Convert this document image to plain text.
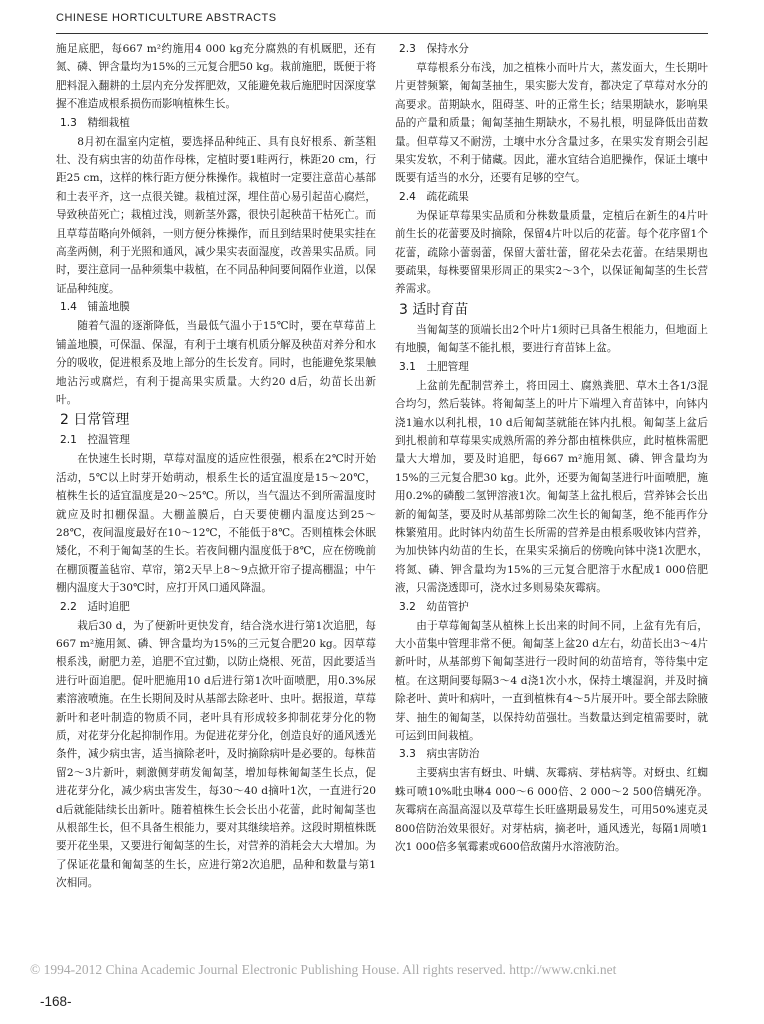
CHINESE HORTICULTURE ABSTRACTS

施足底肥，每667 m²约施用4 000 kg充分腐熟的有机厩肥，还有氮、磷、钾含量均为15%的三元复合肥50 kg。栽前施肥，既便于将肥料混入翻耕的土层内充分发挥肥效，又能避免栽后施肥时因深度掌握不准造成根系损伤而影响植株生长。

1.3　精细栽植

8月初在温室内定植，要选择品种纯正、具有良好根系、新茎粗壮、没有病虫害的幼苗作母株，定植时要1畦两行，株距20 cm，行距25 cm，这样的株行距方便分株操作。栽植时一定要注意苗心基部和土表平齐，这一点很关键。栽植过深，埋住苗心易引起苗心腐烂，导致秧苗死亡；栽植过浅，则新茎外露，很快引起秧苗干枯死亡。而且草莓苗略向外倾斜，一则方便分株操作，而且到结果时使果实挂在高垄两侧，利于光照和通风，减少果实表面湿度，改善果实品质。同时，要注意同一品种须集中栽植，在不同品种间要间隔作业道，以保证品种纯度。

1.4　铺盖地膜

随着气温的逐渐降低，当最低气温小于15℃时，要在草莓苗上铺盖地膜，可保温、保湿，有利于土壤有机质分解及秧苗对养分和水分的吸收，促进根系及地上部分的生长发育。同时，也能避免浆果触地沾污或腐烂，有利于提高果实质量。大约20 d后，幼苗长出新叶。

2 日常管理
2.1　控温管理

在快速生长时期，草莓对温度的适应性很强，根系在2℃时开始活动，5℃以上时芽开始萌动，根系生长的适宜温度是15～20℃，植株生长的适宜温度是20～25℃。所以，当气温达不到所需温度时就应及时扣棚保温。大棚盖膜后，白天要使棚内温度达到25～28℃，夜间温度最好在10～12℃，不能低于8℃。否则植株会休眠矮化，不利于匍匐茎的生长。若夜间棚内温度低于8℃，应在傍晚前在棚顶覆盖毡帘、草帘，第2天早上8～9点掀开帘子提高棚温；中午棚内温度大于30℃时，应打开风口通风降温。

2.2　适时追肥

栽后30 d，为了便新叶更快发育，结合浇水进行第1次追肥，每667 m²施用氮、磷、钾含量均为15%的三元复合肥20 kg。因草莓根系浅，耐肥力差，追肥不宜过勤，以防止烧根、死苗，因此要适当进行叶面追肥。促叶肥施用10 d后进行第1次叶面喷肥，用0.3%尿素溶液喷施。在生长期间及时从基部去除老叶、虫叶。据报道，草莓新叶和老叶制造的物质不同，老叶具有形成较多抑制花芽分化的物质，对花芽分化起抑制作用。为促进花芽分化，创造良好的通风透光条件，减少病虫害，适当摘除老叶，及时摘除病叶是必要的。每株苗留2～3片新叶，刺激侧芽萌发匍匐茎，增加每株匍匐茎生长点，促进花芽分化，减少病虫害发生，每30～40 d摘叶1次，一直进行20 d后就能陆续长出新叶。随着植株生长会长出小花蕾，此时匍匐茎也从根部生长，但不具备生根能力，要对其继续培养。这段时期植株既要开花坐果，又要进行匍匐茎的生长，对营养的消耗会大大增加。为了保证花量和匍匐茎的生长，应进行第2次追肥，品种和数量与第1次相同。

2.3　保持水分

草莓根系分布浅，加之植株小而叶片大，蒸发面大，生长期叶片更替频繁，匍匐茎抽生，果实膨大发育，都决定了草莓对水分的高要求。苗期缺水，阻碍茎、叶的正常生长；结果期缺水，影响果品的产量和质量；匍匐茎抽生期缺水，不易扎根，明显降低出苗数量。但草莓又不耐涝，土壤中水分含量过多，在果实发育期会引起果实发软，不利于储藏。因此，灌水宜结合追肥操作，保证土壤中既要有适当的水分，还要有足够的空气。

2.4　疏花疏果

为保证草莓果实品质和分株数量质量，定植后在新生的4片叶前生长的花蕾要及时摘除，保留4片叶以后的花蕾。每个花序留1个花蕾，疏除小蕾弱蕾，保留大蕾壮蕾，留花朵去花蕾。在结果期也要疏果，每株要留果形周正的果实2～3个，以保证匍匐茎的生长营养需求。

3 适时育苗

当匍匐茎的顶端长出2个叶片1须时已具备生根能力，但地面上有地膜，匍匐茎不能扎根，要进行育苗钵上盆。

3.1　土肥管理

上盆前先配制营养土，将田园土、腐熟粪肥、草木土各1/3混合均匀，然后装钵。将匍匐茎上的叶片下端埋入育苗钵中，向钵内浇1遍水以利扎根，10 d后匍匐茎就能在钵内扎根。匍匐茎上盆后到扎根前和草莓果实成熟所需的养分都由植株供应，此时植株需肥量大大增加，要及时追肥，每667 m²施用氮、磷、钾含量均为15%的三元复合肥30 kg。此外，还要为匍匐茎进行叶面喷肥，施用0.2%的磷酸二氢钾溶液1次。匍匐茎上盆扎根后，营养钵会长出新的匍匐茎，要及时从基部剪除二次生长的匍匐茎，绝不能再作分株繁殖用。此时钵内幼苗生长所需的营养是由根系吸收钵内营养，为加快钵内幼苗的生长，在果实采摘后的傍晚向钵中浇1次肥水，将氮、磷、钾含量均为15%的三元复合肥溶于水配成1 000倍肥液，只需浇透即可，浇水过多则易染灰霉病。

3.2　幼苗管护

由于草莓匍匐茎从植株上长出来的时间不同，上盆有先有后，大小苗集中管理非常不便。匍匐茎上盆20 d左右，幼苗长出3～4片新叶时，从基部剪下匍匐茎进行一段时间的幼苗培育，等待集中定植。在这期间要每隔3～4 d浇1次小水，保持土壤湿润，并及时摘除老叶、黄叶和病叶，一直到植株有4～5片展开叶。要全部去除腋芽、抽生的匍匐茎，以保持幼苗强壮。当数量达到定植需要时，就可运到田间栽植。

3.3　病虫害防治

主要病虫害有蚜虫、叶螨、灰霉病、芽枯病等。对蚜虫、红蜘蛛可喷10%吡虫啉4 000～6 000倍、2 000～2 500倍螨死净。灰霉病在高温高湿以及草莓生长旺盛期最易发生，可用50%速克灵800倍防治效果很好。对芽枯病，摘老叶，通风透光，每隔1周喷1次1 000倍多氧霉素或600倍敌菌丹水溶液防治。

© 1994-2012 China Academic Journal Electronic Publishing House. All rights reserved. http://www.cnki.net
-168-
